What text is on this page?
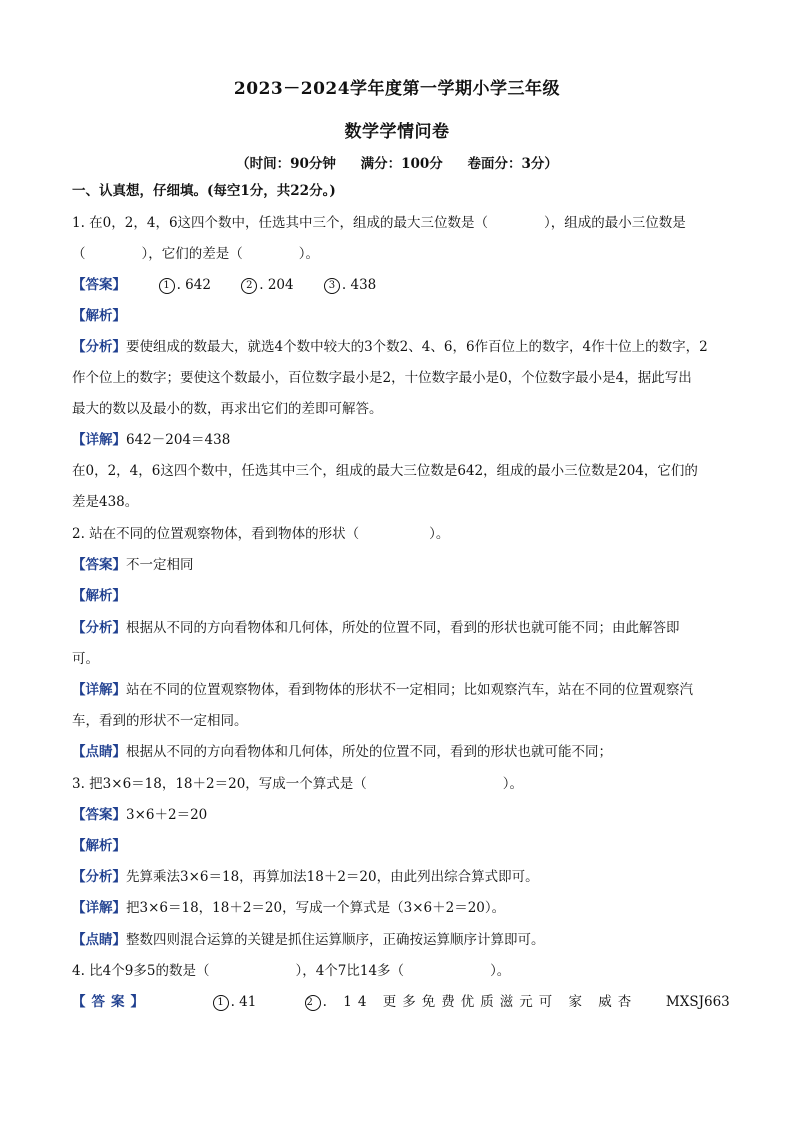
2023－2024学年度第一学期小学三年级
数学学情问卷
（时间：90分钟 满分：100分 卷面分：3分）
一、认真想，仔细填。(每空1分，共22分。)
1. 在0，2，4，6这四个数中，任选其中三个，组成的最大三位数是（	），组成的最小三位数是
（	），它们的差是（	）。
【答案】	1 . 642	2 . 204	3 . 438
【解析】
【分析】要使组成的数最大，就选4个数中较大的3个数2、4、6，6作百位上的数字，4作十位上的数字，2
作个位上的数字；要使这个数最小，百位数字最小是2，十位数字最小是0，个位数字最小是4，据此写出
最大的数以及最小的数，再求出它们的差即可解答。
【详解】642－204＝438
在0，2，4，6这四个数中，任选其中三个，组成的最大三位数是642，组成的最小三位数是204，它们的
差是438。
2. 站在不同的位置观察物体，看到物体的形状（	）。
【答案】不一定相同
【解析】
【分析】根据从不同的方向看物体和几何体，所处的位置不同，看到的形状也就可能不同；由此解答即
可。
【详解】站在不同的位置观察物体，看到物体的形状不一定相同；比如观察汽车，站在不同的位置观察汽
车，看到的形状不一定相同。
【点睛】根据从不同的方向看物体和几何体，所处的位置不同，看到的形状也就可能不同；
3. 把3×6＝18，18＋2＝20，写成一个算式是（	）。
【答案】3×6＋2＝20
【解析】
【分析】先算乘法3×6＝18，再算加法18＋2＝20，由此列出综合算式即可。
【详解】把3×6＝18，18＋2＝20，写成一个算式是（3×6＋2＝20）。
【点睛】整数四则混合运算的关键是抓住运算顺序，正确按运算顺序计算即可。
4. 比4个9多5的数是（	），4个7比14多（	）。
【答案】	1 . 41	2 . 14 更多免费优质滋元可 家 威杏 MXSJ663
